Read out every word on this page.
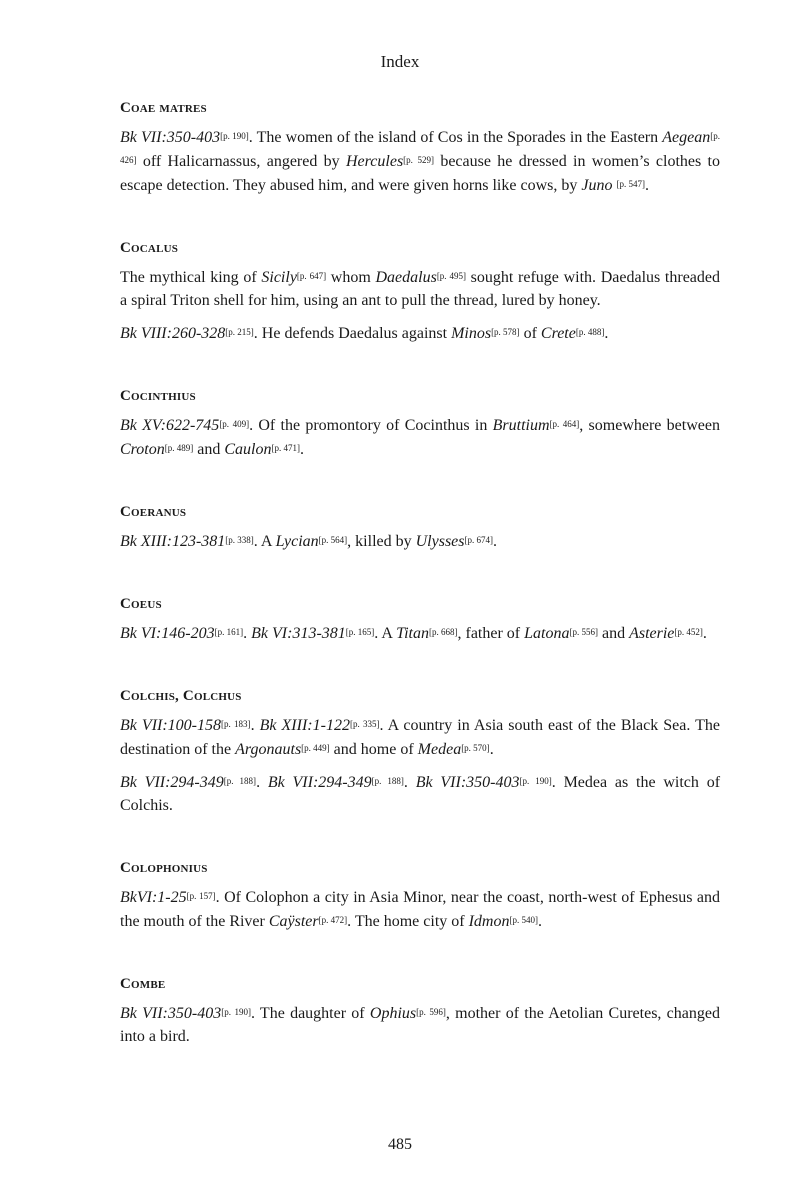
Index
Coae matres

Bk VII:350-403[p. 190]. The women of the island of Cos in the Sporades in the Eastern Aegean[p. 426] off Halicarnassus, angered by Hercules[p. 529] because he dressed in women’s clothes to escape detection. They abused him, and were given horns like cows, by Juno [p. 547].

Cocalus

The mythical king of Sicily[p. 647] whom Daedalus[p. 495] sought refuge with. Daedalus threaded a spiral Triton shell for him, using an ant to pull the thread, lured by honey.

Bk VIII:260-328[p. 215]. He defends Daedalus against Minos[p. 578] of Crete[p. 488].

Cocinthius

Bk XV:622-745[p. 409]. Of the promontory of Cocinthus in Bruttium[p. 464], somewhere between Croton[p. 489] and Caulon[p. 471].

Coeranus

Bk XIII:123-381[p. 338]. A Lycian[p. 564], killed by Ulysses[p. 674].

Coeus

Bk VI:146-203[p. 161]. Bk VI:313-381[p. 165]. A Titan[p. 668], father of Latona[p. 556] and Asterie[p. 452].

Colchis, Colchus

Bk VII:100-158[p. 183]. Bk XIII:1-122[p. 335]. A country in Asia south east of the Black Sea. The destination of the Argonauts[p. 449] and home of Medea[p. 570].

Bk VII:294-349[p. 188]. Bk VII:294-349[p. 188]. Bk VII:350-403[p. 190]. Medea as the witch of Colchis.

Colophonius

BkVI:1-25[p. 157]. Of Colophon a city in Asia Minor, near the coast, north-west of Ephesus and the mouth of the River Caÿster[p. 472]. The home city of Idmon[p. 540].

Combe

Bk VII:350-403[p. 190]. The daughter of Ophius[p. 596], mother of the Aetolian Curetes, changed into a bird.

485
